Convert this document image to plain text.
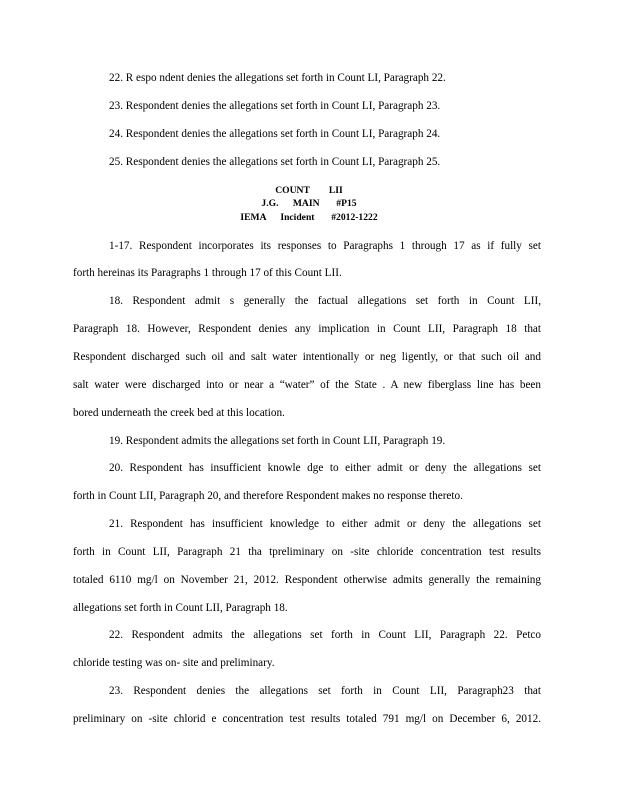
22. R espo ndent denies the allegations set forth in Count LI, Paragraph 22.
23. Respondent denies the allegations set forth in Count LI, Paragraph 23.
24. Respondent denies the allegations set forth in Count LI, Paragraph 24.
25. Respondent denies the allegations set forth in Count LI, Paragraph 25.
COUNT        LII
J.G.      MAIN       #P15
IEMA      Incident       #2012-1222
1-17. Respondent incorporates its responses to Paragraphs 1 through 17 as if fully set
forth hereinas its Paragraphs 1 through 17 of this Count LII.
18. Respondent admit s generally the factual allegations set forth in Count LII,
Paragraph 18. However, Respondent denies any implication in Count LII, Paragraph 18 that
Respondent discharged such oil and salt water intentionally or neg ligently, or that such oil and
salt water were discharged into or near a “water” of the State . A new fiberglass line has been
bored underneath the creek bed at this location.
19. Respondent admits the allegations set forth in Count LII, Paragraph 19.
20. Respondent has insufficient knowle dge to either admit or deny the allegations set
forth in Count LII, Paragraph 20, and therefore Respondent makes no response thereto.
21. Respondent has insufficient knowledge to either admit or deny the allegations set
forth in Count LII, Paragraph 21 tha tpreliminary on -site chloride concentration test results
totaled 6110 mg/l on November 21, 2012. Respondent otherwise admits generally the remaining
allegations set forth in Count LII, Paragraph 18.
22. Respondent admits the allegations set forth in Count LII, Paragraph 22. Petco
chloride testing was on- site and preliminary.
23. Respondent denies the allegations set forth in Count LII, Paragraph23 that
preliminary on -site chlorid e concentration test results totaled 791 mg/l on December 6, 2012.
